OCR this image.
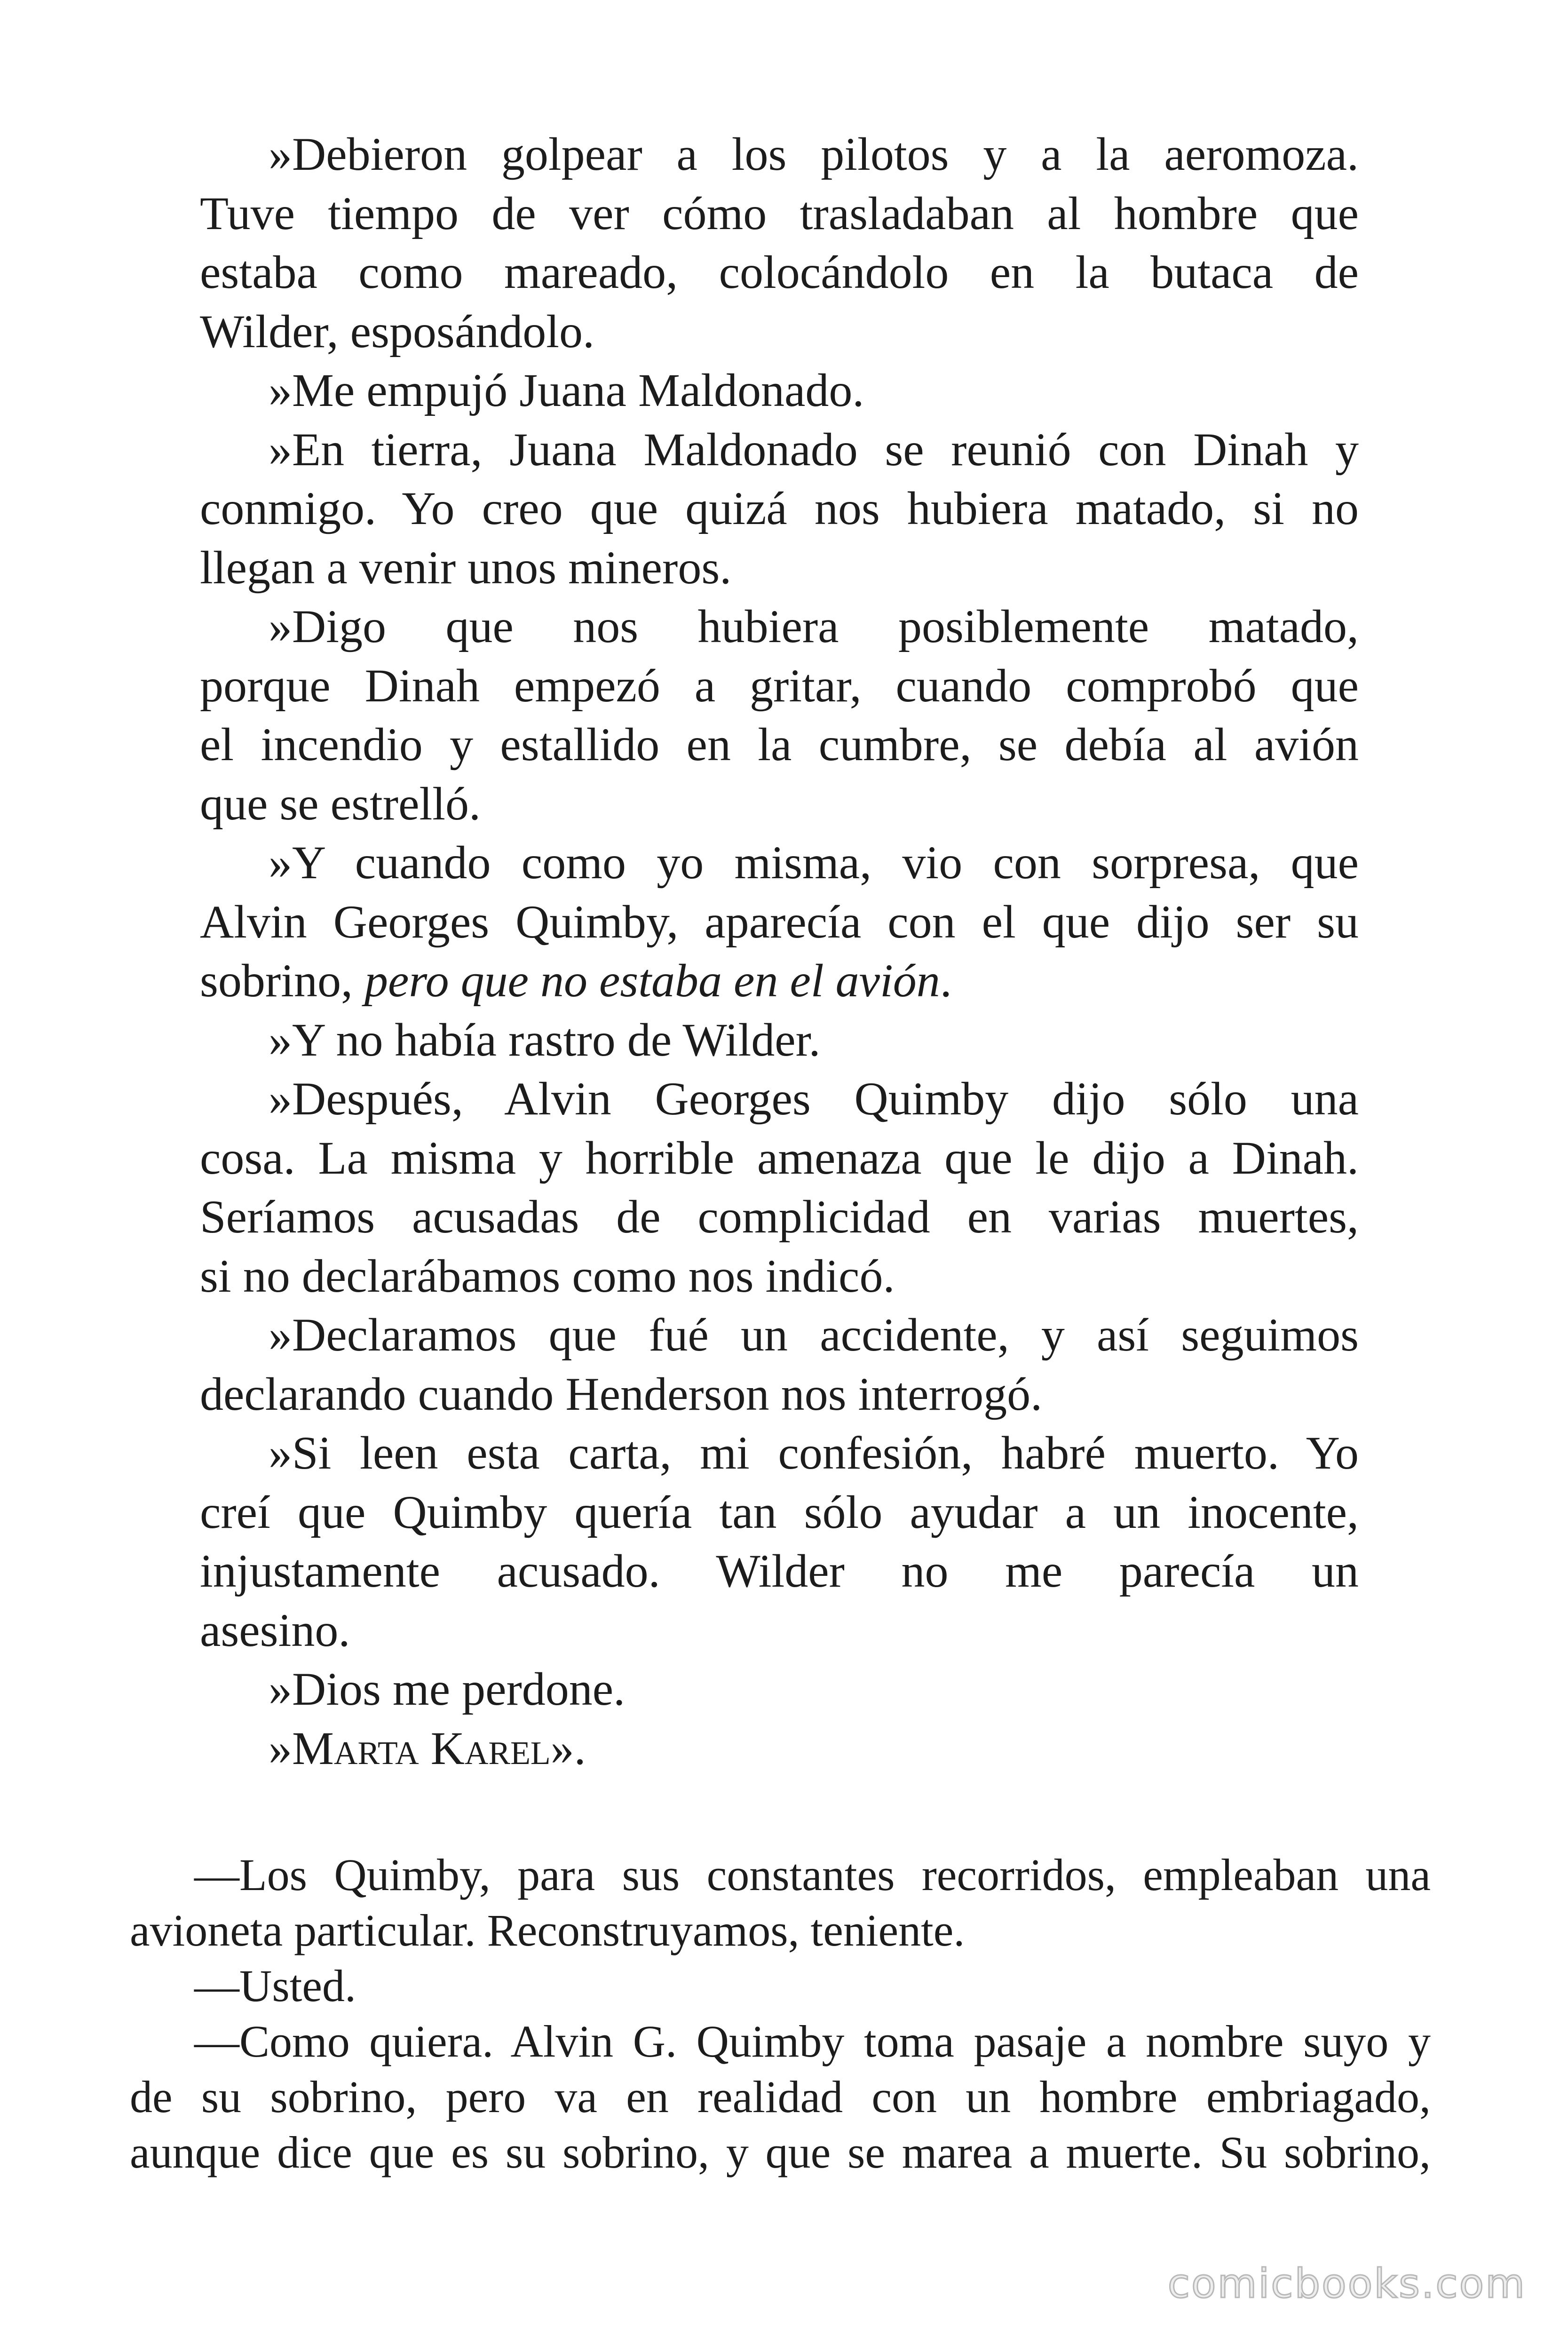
»Debieron golpear a los pilotos y a la aeromoza.
Tuve tiempo de ver cómo trasladaban al hombre que
estaba como mareado, colocándolo en la butaca de
Wilder, esposándolo.
»Me empujó Juana Maldonado.
»En tierra, Juana Maldonado se reunió con Dinah y
conmigo. Yo creo que quizá nos hubiera matado, si no
llegan a venir unos mineros.
»Digo que nos hubiera posiblemente matado,
porque Dinah empezó a gritar, cuando comprobó que
el incendio y estallido en la cumbre, se debía al avión
que se estrelló.
»Y cuando como yo misma, vio con sorpresa, que
Alvin Georges Quimby, aparecía con el que dijo ser su
sobrino, pero que no estaba en el avión.
»Y no había rastro de Wilder.
»Después, Alvin Georges Quimby dijo sólo una
cosa. La misma y horrible amenaza que le dijo a Dinah.
Seríamos acusadas de complicidad en varias muertes,
si no declarábamos como nos indicó.
»Declaramos que fué un accidente, y así seguimos
declarando cuando Henderson nos interrogó.
»Si leen esta carta, mi confesión, habré muerto. Yo
creí que Quimby quería tan sólo ayudar a un inocente,
injustamente acusado. Wilder no me parecía un
asesino.
»Dios me perdone.
»Marta Karel».
—Los Quimby, para sus constantes recorridos, empleaban una
avioneta particular. Reconstruyamos, teniente.
—Usted.
—Como quiera. Alvin G. Quimby toma pasaje a nombre suyo y
de su sobrino, pero va en realidad con un hombre embriagado,
aunque dice que es su sobrino, y que se marea a muerte. Su sobrino,
comicbooks.com
